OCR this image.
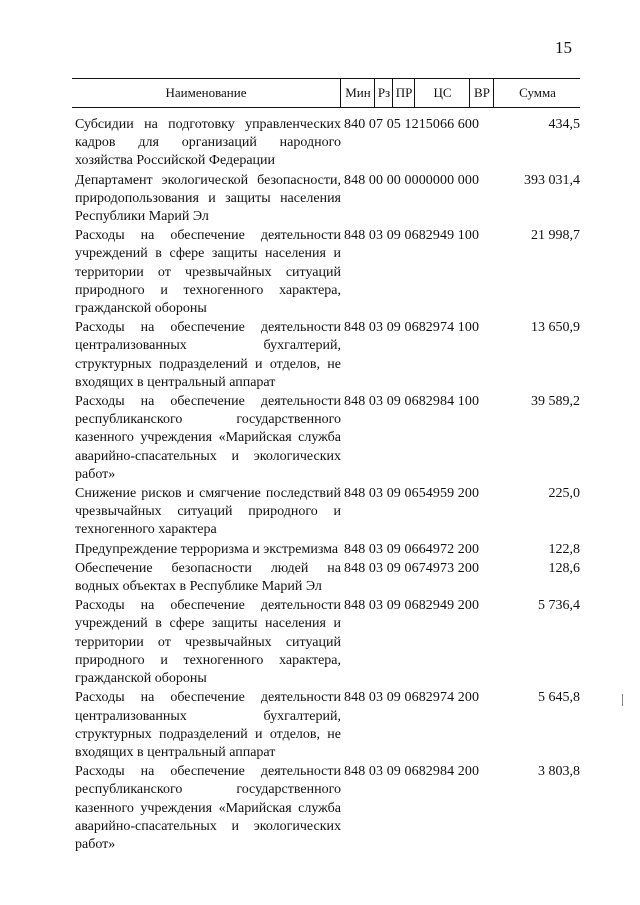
15
Наименование	Мин Рз ПР	ЦС	ВР	Сумма
Субсидии на подготовку управленческих кадров для организаций народного хозяйства Российской Федерации
840 07 05 1215066 600	434,5
Департамент экологической безопасности, природопользования и защиты населения Республики Марий Эл
848 00 00 0000000 000	393 031,4
Расходы на обеспечение деятельности учреждений в сфере защиты населения и территории от чрезвычайных ситуаций природного и техногенного характера, гражданской обороны
848 03 09 0682949 100	21 998,7
Расходы на обеспечение деятельности централизованных бухгалтерий, структурных подразделений и отделов, не входящих в центральный аппарат
848 03 09 0682974 100	13 650,9
Расходы на обеспечение деятельности республиканского государственного казенного учреждения «Марийская служба аварийно-спасательных и экологических работ»
848 03 09 0682984 100	39 589,2
Снижение рисков и смягчение последствий чрезвычайных ситуаций природного и техногенного характера
848 03 09 0654959 200	225,0
Предупреждение терроризма и экстремизма 848 03 09 0664972 200	122,8
Обеспечение безопасности людей на водных объектах в Республике Марий Эл
848 03 09 0674973 200	128,6
Расходы на обеспечение деятельности учреждений в сфере защиты населения и территории от чрезвычайных ситуаций природного и техногенного характера, гражданской обороны
848 03 09 0682949 200	5 736,4
Расходы на обеспечение деятельности централизованных бухгалтерий, структурных подразделений и отделов, не входящих в центральный аппарат
848 03 09 0682974 200	5 645,8
Расходы на обеспечение деятельности республиканского государственного казенного учреждения «Марийская служба аварийно-спасательных и экологических работ»
848 03 09 0682984 200	3 803,8
